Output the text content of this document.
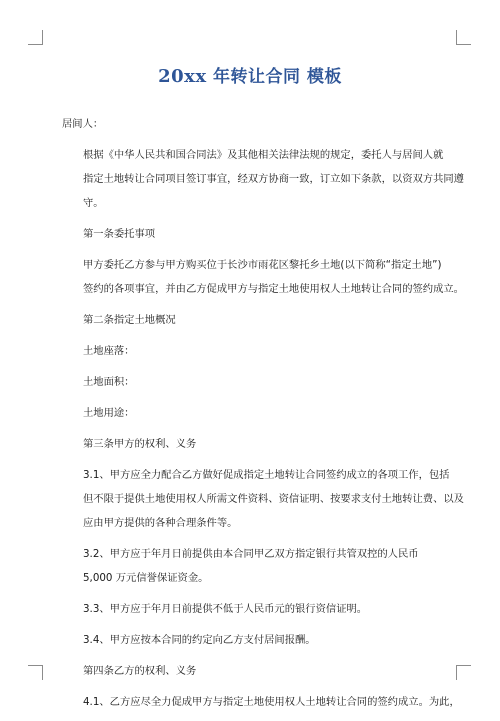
20xx 年转让合同 模板

居间人：

根据《中华人民共和国合同法》及其他相关法律法规的规定，委托人与居间人就
指定土地转让合同项目签订事宜，经双方协商一致，订立如下条款，以资双方共同遵
守。

第一条委托事项

甲方委托乙方参与甲方购买位于长沙市雨花区黎托乡土地(以下简称“指定土地”)
签约的各项事宜，并由乙方促成甲方与指定土地使用权人土地转让合同的签约成立。

第二条指定土地概况

土地座落：

土地面积：

土地用途：

第三条甲方的权利、义务

3.1、甲方应全力配合乙方做好促成指定土地转让合同签约成立的各项工作，包括
但不限于提供土地使用权人所需文件资料、资信证明、按要求支付土地转让费、以及
应由甲方提供的各种合理条件等。

3.2、甲方应于年月日前提供由本合同甲乙双方指定银行共管双控的人民币
5,000 万元信誉保证资金。

3.3、甲方应于年月日前提供不低于人民币元的银行资信证明。

3.4、甲方应按本合同的约定向乙方支付居间报酬。

第四条乙方的权利、义务

4.1、乙方应尽全力促成甲方与指定土地使用权人土地转让合同的签约成立。为此，
